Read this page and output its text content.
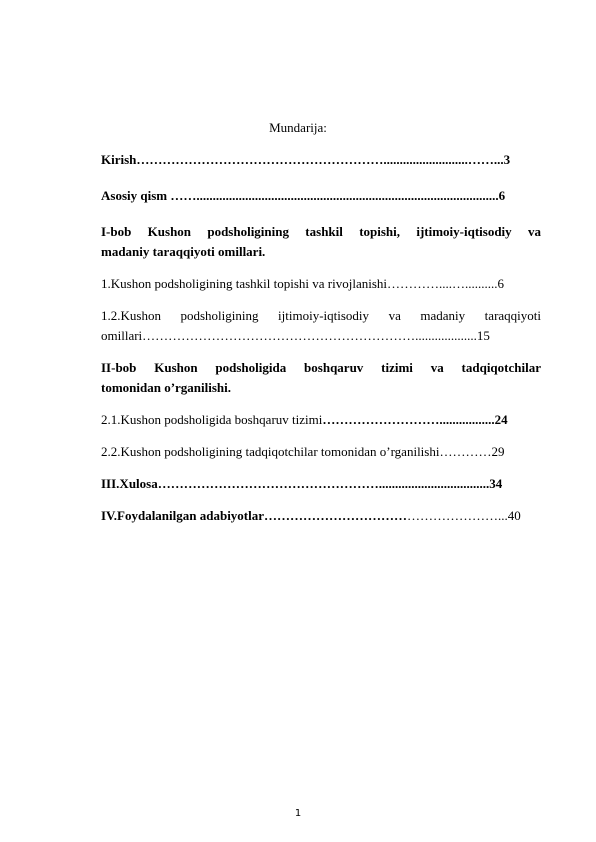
Mundarija:
Kirish…………………………………………………..........................……...3
Asosiy qism …….............................................................................................6
I-bob Kushon podsholigining tashkil topishi, ijtimoiy-iqtisodiy va
madaniy taraqqiyoti omillari.
1.Kushon podsholigining tashkil topishi va rivojlanishi…………....…..........6
1.2.Kushon podsholigining ijtimoiy-iqtisodiy va madaniy taraqqiyoti
omillari………………………………………………………...................15
II-bob Kushon podsholigida boshqaruv tizimi va tadqiqotchilar
tomonidan o’rganilishi.
2.1.Kushon podsholigida boshqaruv tizimi……………………….................24
2.2.Kushon podsholigining tadqiqotchilar tomonidan o’rganilishi…………29
III.Xulosa……………………………………………..................................34
IV.Foydalanilgan adabiyotlar………………………………………………...40
1
